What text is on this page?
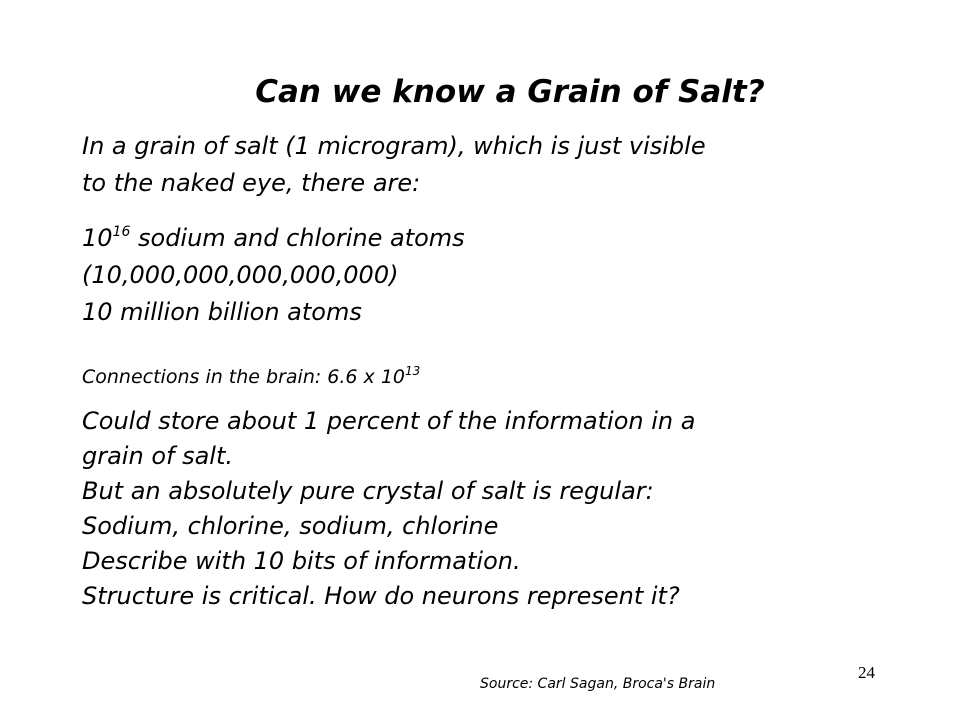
Can we know a Grain of Salt?
In a grain of salt (1 microgram), which is just visible
to the naked eye, there are:
$10^{16}$ sodium and chlorine atoms
(10,000,000,000,000,000)
10 million billion atoms
Connections in the brain: 6.6 x $10^{13}$
Could store about 1 percent of the information in a
grain of salt.
But an absolutely pure crystal of salt is regular:
Sodium, chlorine, sodium, chlorine
Describe with 10 bits of information.
Structure is critical. How do neurons represent it?
24
Source: Carl Sagan, Broca's Brain
